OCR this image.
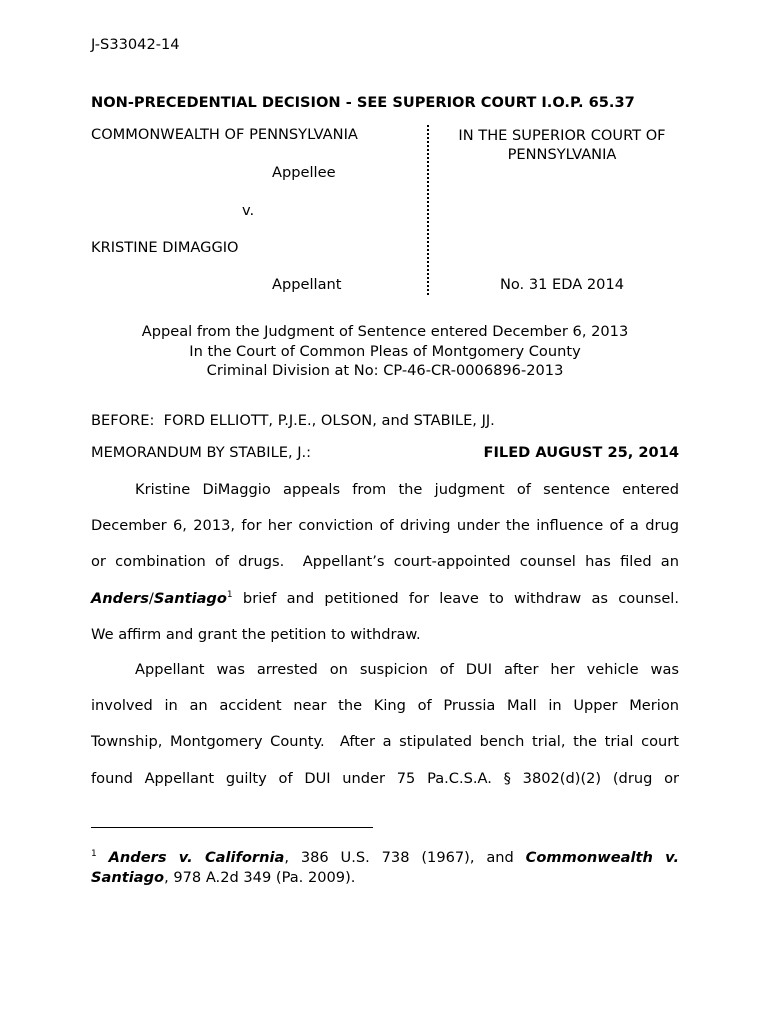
J-S33042-14
NON-PRECEDENTIAL DECISION - SEE SUPERIOR COURT I.O.P. 65.37
COMMONWEALTH OF PENNSYLVANIA
Appellee
v.
KRISTINE DIMAGGIO
Appellant
IN THE SUPERIOR COURT OF
PENNSYLVANIA
No. 31 EDA 2014
Appeal from the Judgment of Sentence entered December 6, 2013
In the Court of Common Pleas of Montgomery County
Criminal Division at No: CP-46-CR-0006896-2013
BEFORE:  FORD ELLIOTT, P.J.E., OLSON, and STABILE, JJ.
MEMORANDUM BY STABILE, J.:	FILED AUGUST 25, 2014
Kristine DiMaggio appeals from the judgment of sentence entered
December 6, 2013, for her conviction of driving under the influence of a drug
or combination of drugs.  Appellant’s court-appointed counsel has filed an
Anders/Santiago$^1$ brief and petitioned for leave to withdraw as counsel.
We affirm and grant the petition to withdraw.
Appellant was arrested on suspicion of DUI after her vehicle was
involved in an accident near the King of Prussia Mall in Upper Merion
Township, Montgomery County.  After a stipulated bench trial, the trial court
found Appellant guilty of DUI under 75 Pa.C.S.A. § 3802(d)(2) (drug or
$^1$ Anders v. California, 386 U.S. 738 (1967), and Commonwealth v.
Santiago, 978 A.2d 349 (Pa. 2009).
